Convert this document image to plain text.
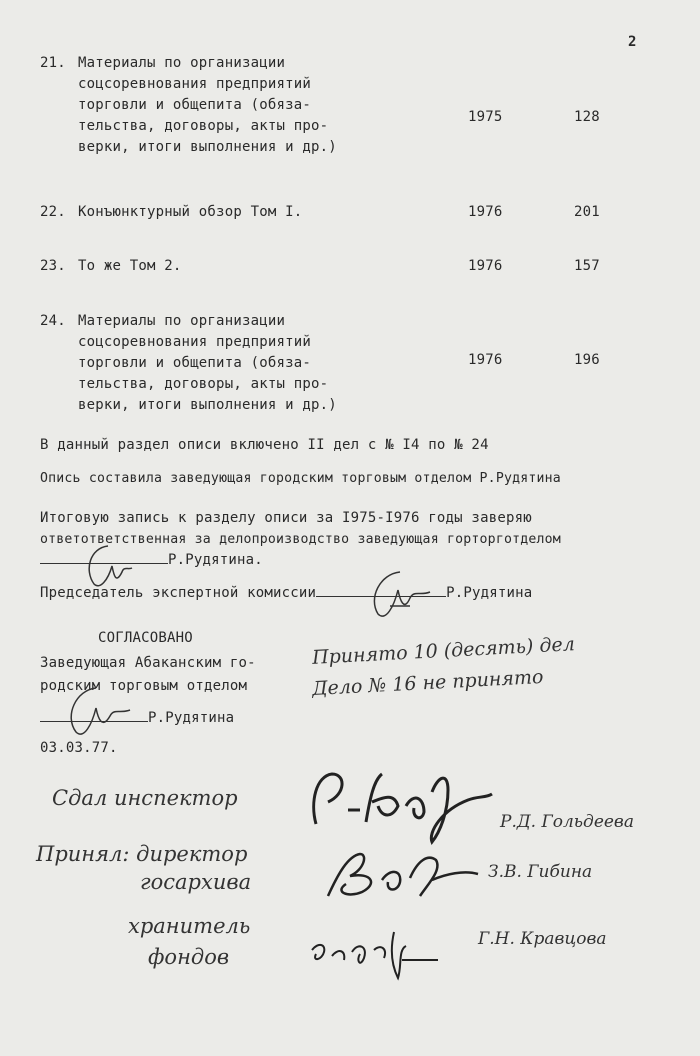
2
21. Материалы по организации
соцсоревнования предприятий
торговли и общепита (обяза-
тельства, договоры, акты про-
верки, итоги выполнения и др.)
1975	128
22. Конъюнктурный обзор Том I.	1976	201
23. То же Том 2.	1976	157
24. Материалы по организации
соцсоревнования предприятий
торговли и общепита (обяза-
тельства, договоры, акты про-
верки, итоги выполнения и др.)
1976	196
В данный раздел описи включено II дел с № I4 по № 24
Опись составила заведующая городским торговым отделом Р.Рудятина
Итоговую запись к разделу описи за I975-I976 годы заверяю
ответответственная за делопроизводство заведующая горторготделом
Р.Рудятина.
Председатель экспертной комиссии	Р.Рудятина
СОГЛАСОВАНО
Заведующая Абаканским го-
родским торговым отделом
Р.Рудятина
03.03.77.
Принято 10 (десять) дел
Дело № 16 не принято
Сдал инспектор
Р.Д. Гольдеева
Принял: директор
госархива	З.В. Гибина
хранитель
фондов
Г.Н. Кравцова
